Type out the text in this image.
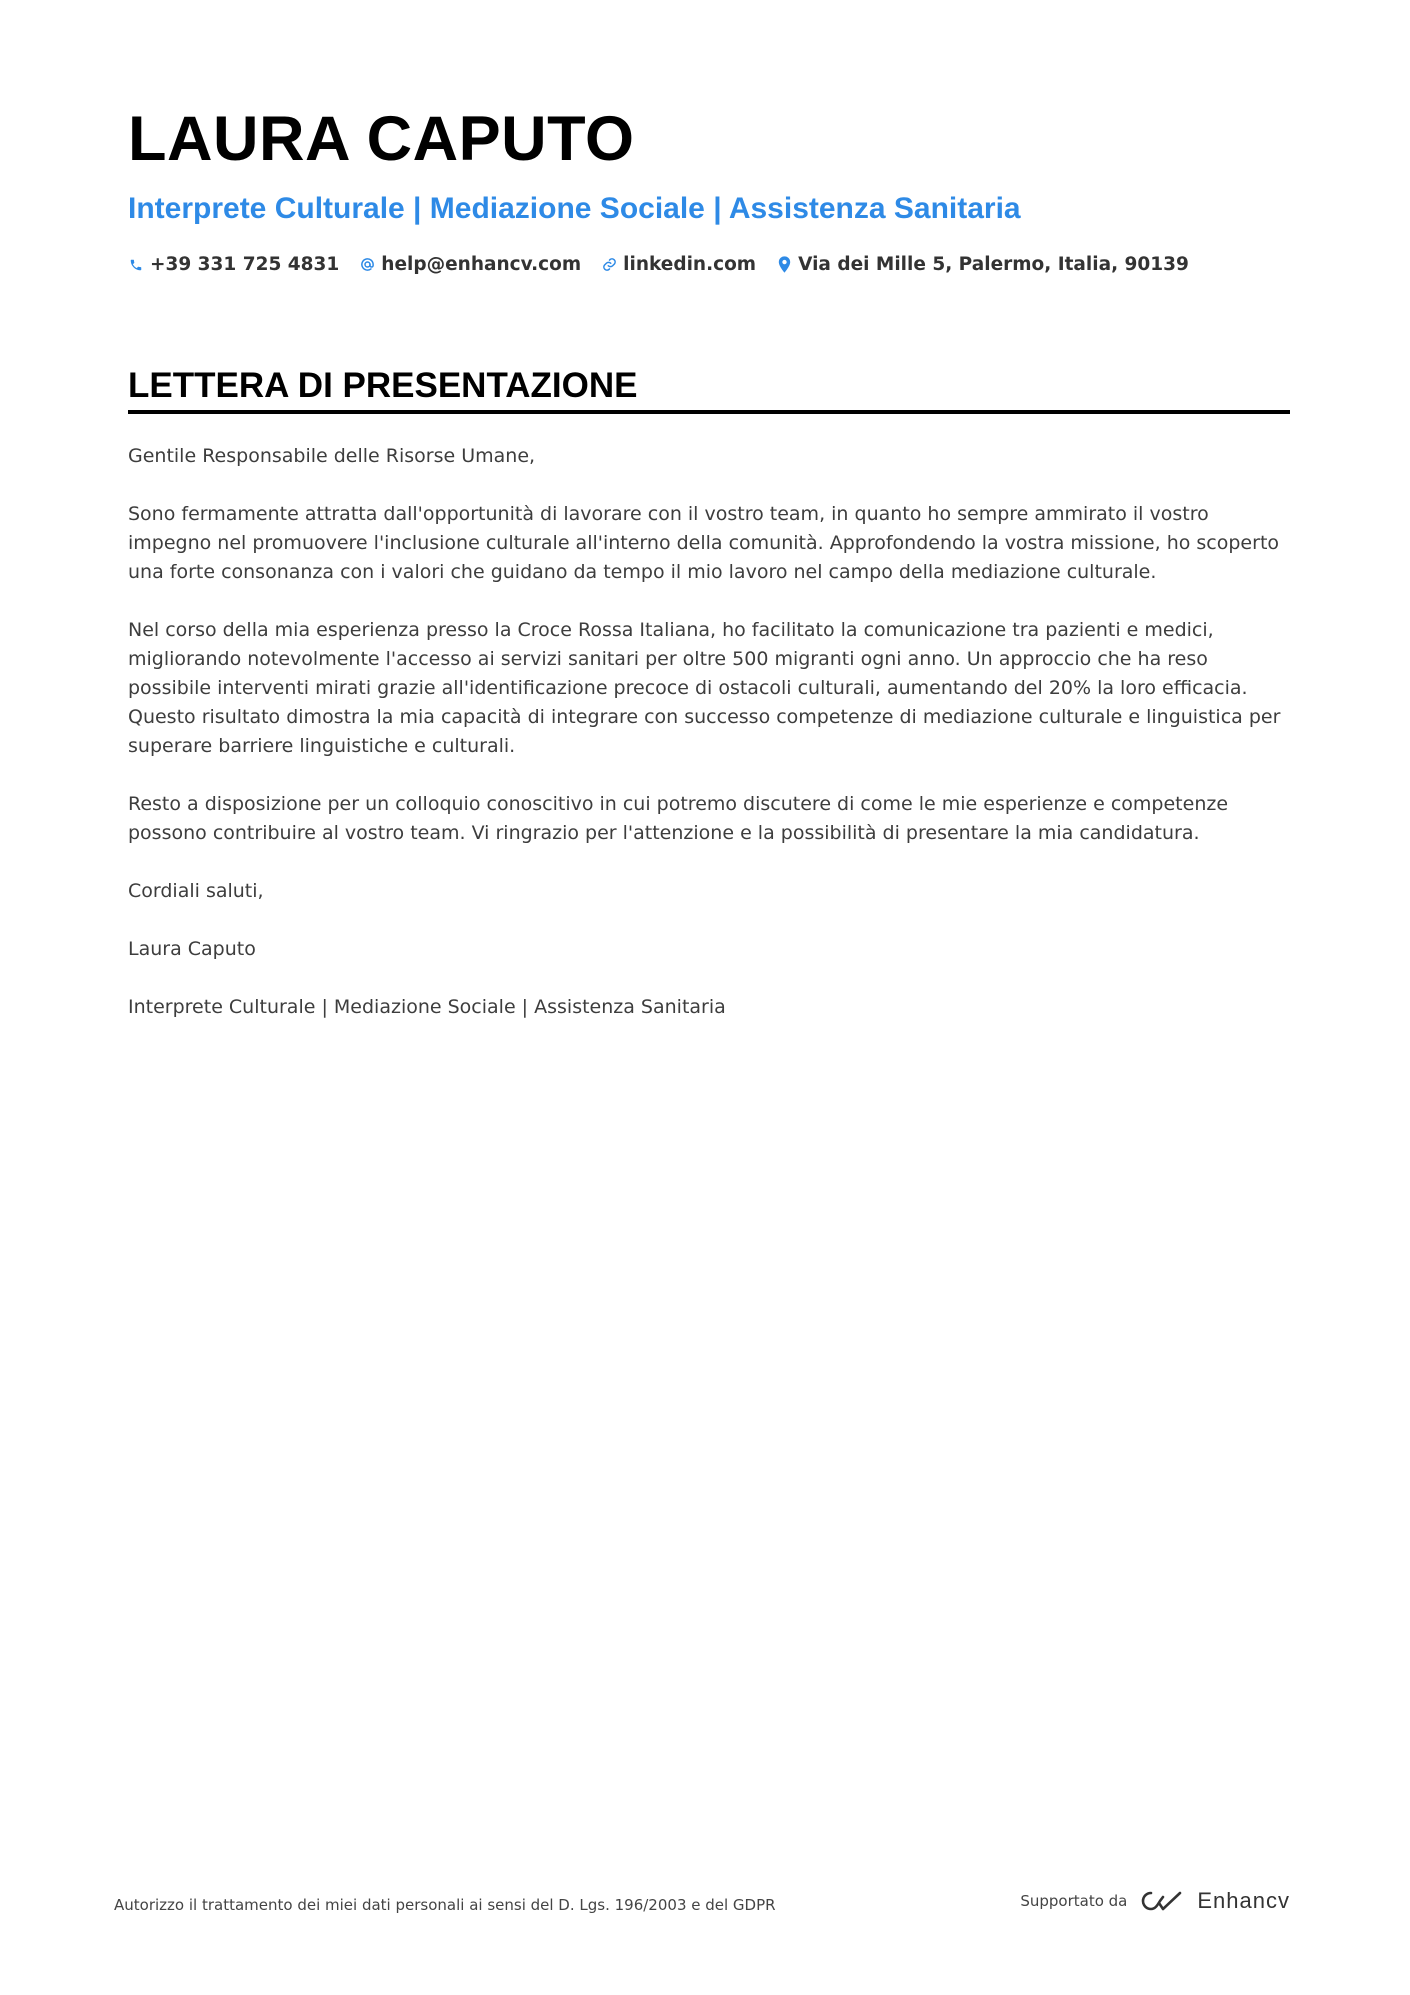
LAURA CAPUTO
Interprete Culturale | Mediazione Sociale | Assistenza Sanitaria
+39 331 725 4831 help@enhancv.com linkedin.com Via dei Mille 5, Palermo, Italia, 90139
LETTERA DI PRESENTAZIONE

Gentile Responsabile delle Risorse Umane,

Sono fermamente attratta dall'opportunità di lavorare con il vostro team, in quanto ho sempre ammirato il vostro impegno nel promuovere l'inclusione culturale all'interno della comunità. Approfondendo la vostra missione, ho scoperto una forte consonanza con i valori che guidano da tempo il mio lavoro nel campo della mediazione culturale.

Nel corso della mia esperienza presso la Croce Rossa Italiana, ho facilitato la comunicazione tra pazienti e medici, migliorando notevolmente l'accesso ai servizi sanitari per oltre 500 migranti ogni anno. Un approccio che ha reso possibile interventi mirati grazie all'identificazione precoce di ostacoli culturali, aumentando del 20% la loro efficacia. Questo risultato dimostra la mia capacità di integrare con successo competenze di mediazione culturale e linguistica per superare barriere linguistiche e culturali.

Resto a disposizione per un colloquio conoscitivo in cui potremo discutere di come le mie esperienze e competenze possono contribuire al vostro team. Vi ringrazio per l'attenzione e la possibilità di presentare la mia candidatura.

Cordiali saluti,

Laura Caputo

Interprete Culturale | Mediazione Sociale | Assistenza Sanitaria

Autorizzo il trattamento dei miei dati personali ai sensi del D. Lgs. 196/2003 e del GDPR	Supportato da	Enhancv
